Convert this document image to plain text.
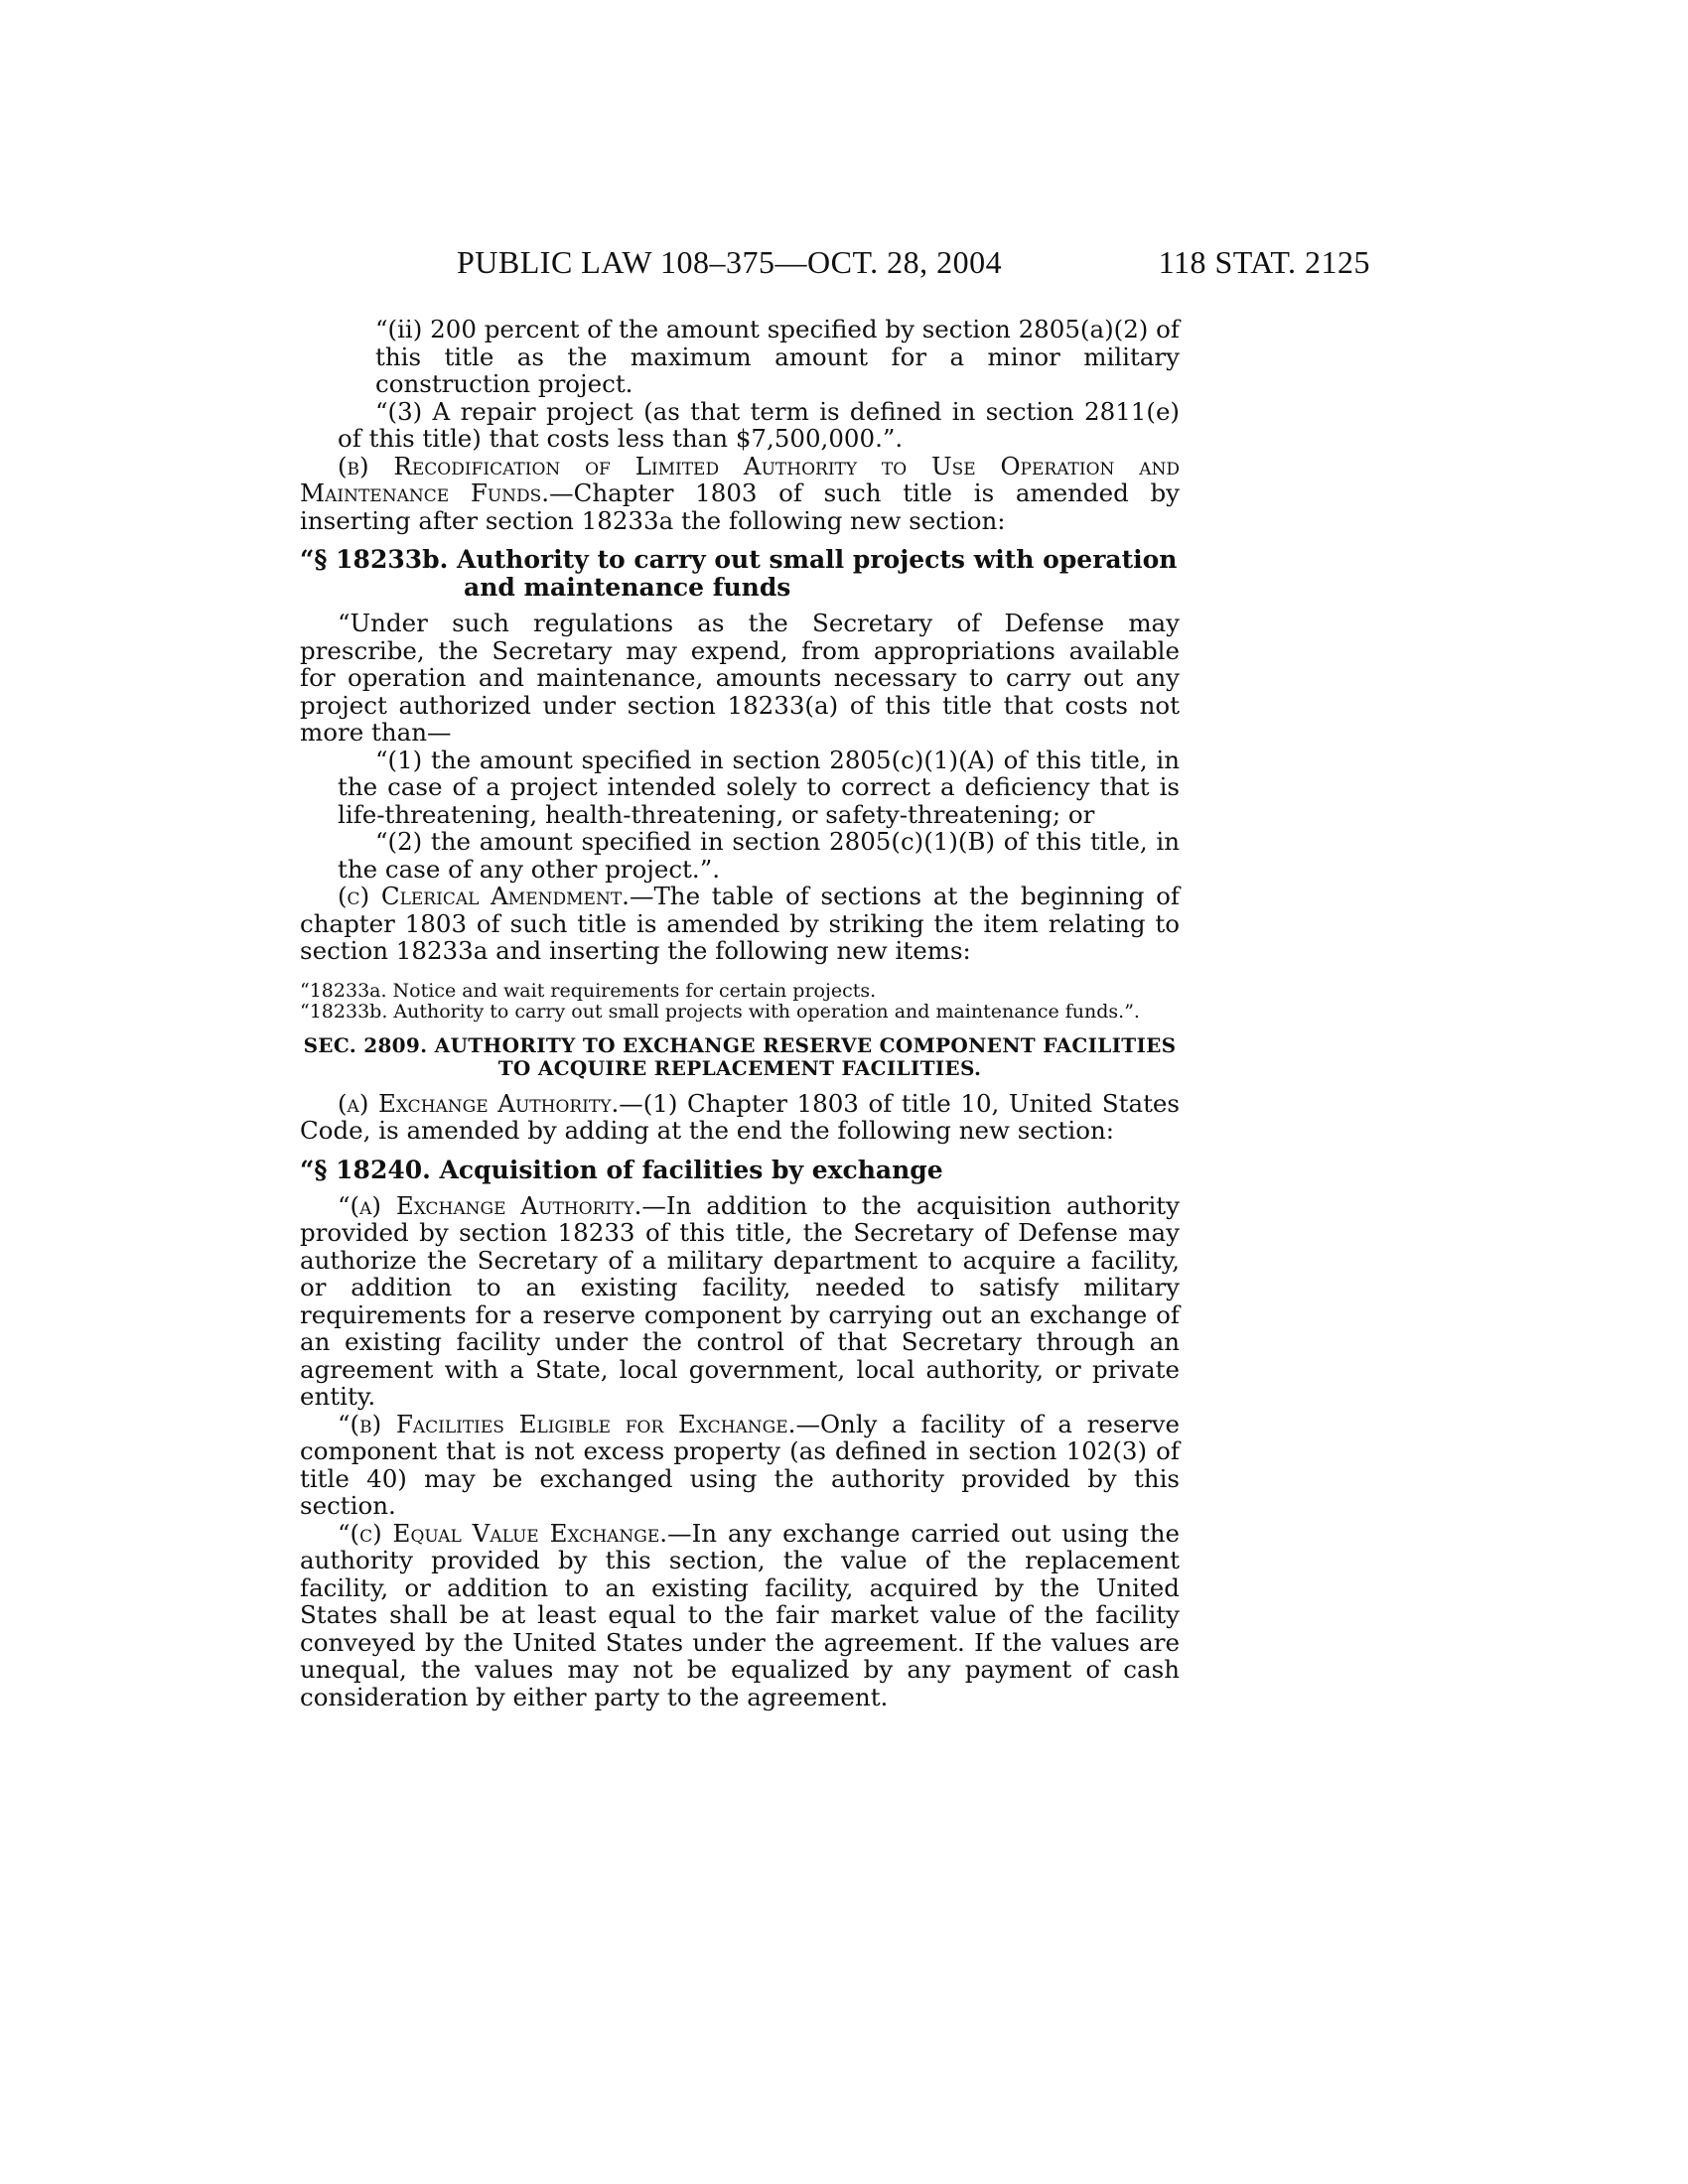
PUBLIC LAW 108–375—OCT. 28, 2004	118 STAT. 2125

“(ii) 200 percent of the amount specified by section 2805(a)(2) of this title as the maximum amount for a minor military construction project.

“(3) A repair project (as that term is defined in section 2811(e) of this title) that costs less than $7,500,000.”.

(b) Recodification of Limited Authority to Use Operation and Maintenance Funds.—Chapter 1803 of such title is amended by inserting after section 18233a the following new section:

“§ 18233b. Authority to carry out small projects with operation and maintenance funds

“Under such regulations as the Secretary of Defense may prescribe, the Secretary may expend, from appropriations available for operation and maintenance, amounts necessary to carry out any project authorized under section 18233(a) of this title that costs not more than—

“(1) the amount specified in section 2805(c)(1)(A) of this title, in the case of a project intended solely to correct a deficiency that is life-threatening, health-threatening, or safety-threatening; or

“(2) the amount specified in section 2805(c)(1)(B) of this title, in the case of any other project.”.

(c) Clerical Amendment.—The table of sections at the beginning of chapter 1803 of such title is amended by striking the item relating to section 18233a and inserting the following new items:

“18233a. Notice and wait requirements for certain projects.
“18233b. Authority to carry out small projects with operation and maintenance funds.”.
SEC. 2809. AUTHORITY TO EXCHANGE RESERVE COMPONENT FACILITIES TO ACQUIRE REPLACEMENT FACILITIES.

(a) Exchange Authority.—(1) Chapter 1803 of title 10, United States Code, is amended by adding at the end the following new section:

“§ 18240. Acquisition of facilities by exchange

“(a) Exchange Authority.—In addition to the acquisition authority provided by section 18233 of this title, the Secretary of Defense may authorize the Secretary of a military department to acquire a facility, or addition to an existing facility, needed to satisfy military requirements for a reserve component by carrying out an exchange of an existing facility under the control of that Secretary through an agreement with a State, local government, local authority, or private entity.

“(b) Facilities Eligible for Exchange.—Only a facility of a reserve component that is not excess property (as defined in section 102(3) of title 40) may be exchanged using the authority provided by this section.

“(c) Equal Value Exchange.—In any exchange carried out using the authority provided by this section, the value of the replacement facility, or addition to an existing facility, acquired by the United States shall be at least equal to the fair market value of the facility conveyed by the United States under the agreement. If the values are unequal, the values may not be equalized by any payment of cash consideration by either party to the agreement.
